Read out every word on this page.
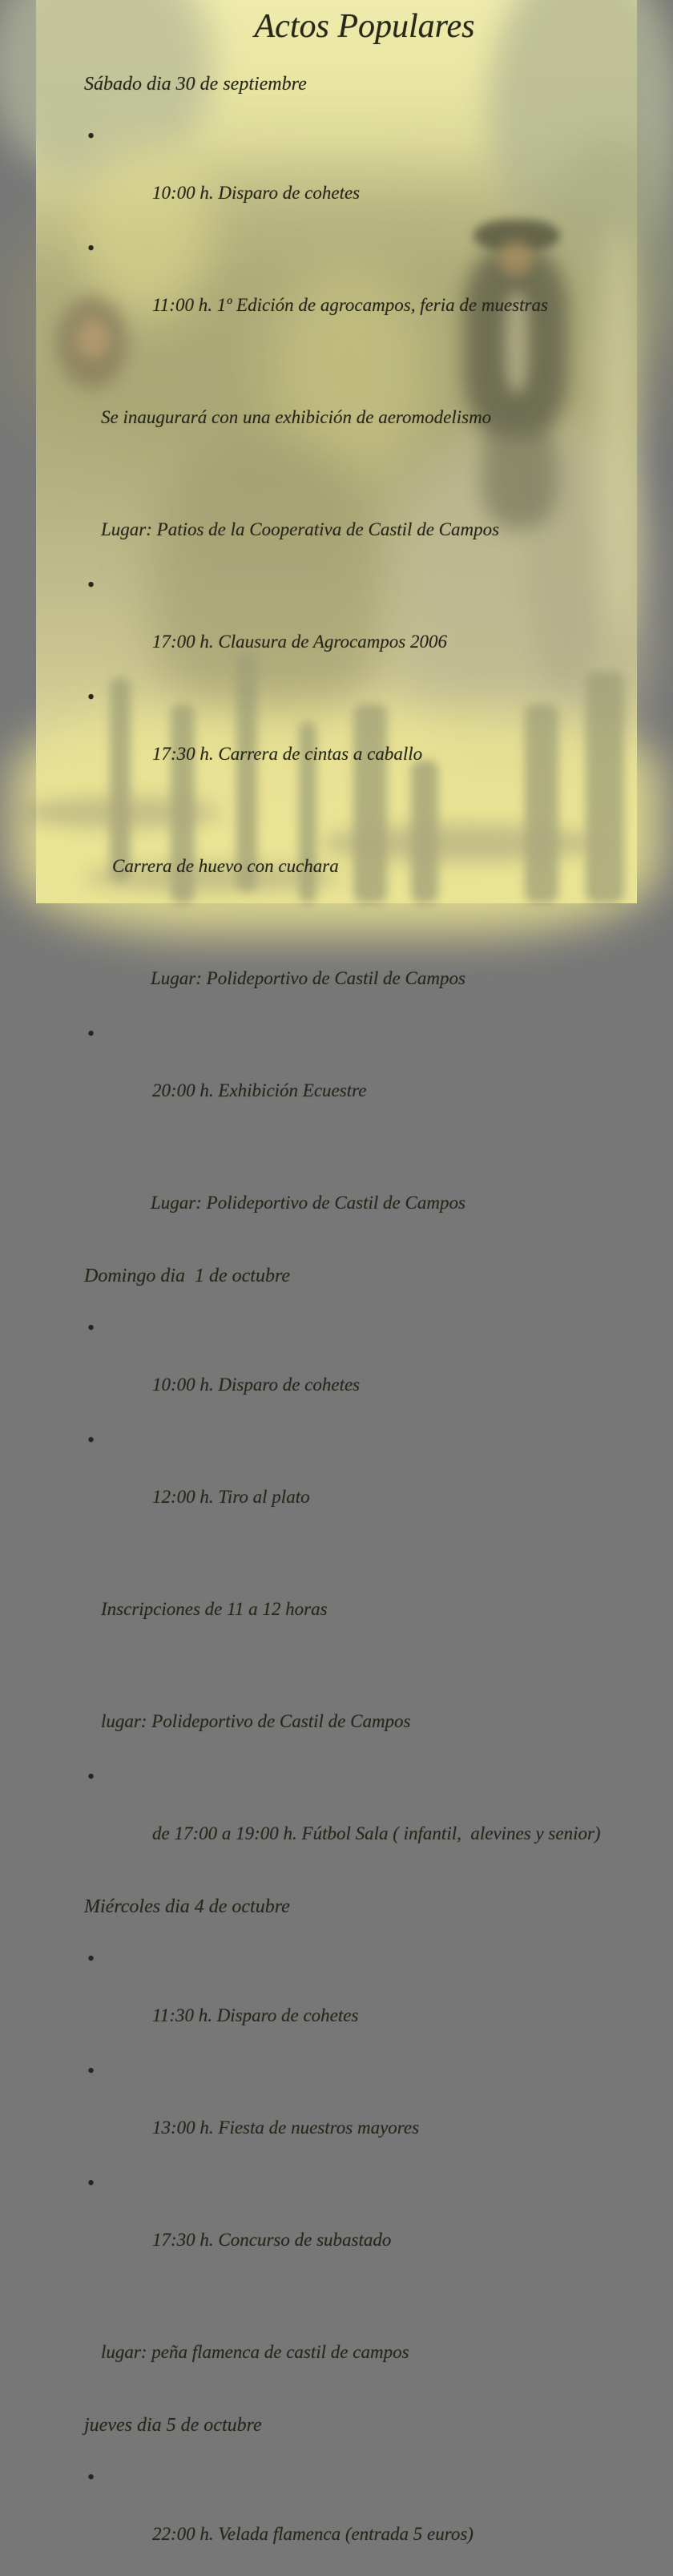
Actos Populares
Sábado dia 30 de septiembre

•

10:00 h. Disparo de cohetes

•

11:00 h. 1º Edición de agrocampos, feria de muestras

Se inaugurará con una exhibición de aeromodelismo

Lugar: Patios de la Cooperativa de Castil de Campos

•

17:00 h. Clausura de Agrocampos 2006

•

17:30 h. Carrera de cintas a caballo

Carrera de huevo con cuchara

Lugar: Polideportivo de Castil de Campos

•

20:00 h. Exhibición Ecuestre

Lugar: Polideportivo de Castil de Campos

Domingo dia  1 de octubre

•

10:00 h. Disparo de cohetes

•

12:00 h. Tiro al plato

Inscripciones de 11 a 12 horas

lugar: Polideportivo de Castil de Campos

•

de 17:00 a 19:00 h. Fútbol Sala ( infantil,  alevines y senior)

Miércoles dia 4 de octubre

•

11:30 h. Disparo de cohetes

•

13:00 h. Fiesta de nuestros mayores

•

17:30 h. Concurso de subastado

lugar: peña flamenca de castil de campos

jueves dia 5 de octubre

•

22:00 h. Velada flamenca (entrada 5 euros)
